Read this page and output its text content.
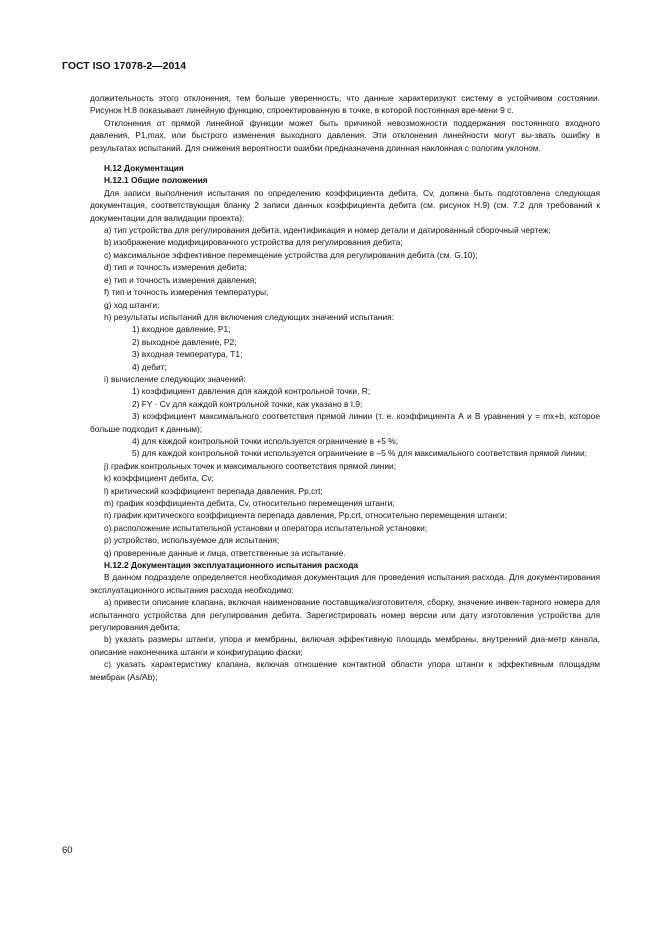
ГОСТ ISO 17078-2—2014

должительность этого отклонения, тем больше уверенность, что данные характеризуют систему в устойчивом состоянии. Рисунок Н.8 показывает линейную функцию, спроектированную в точке, в которой постоянная вре-мени 9 с.

Отклонения от прямой линейной функции может быть причиной невозможности поддержания постоянного входного давления, P1,max, или быстрого изменения выходного давления. Эти отклонения линейности могут вы-звать ошибку в результатах испытаний. Для снижения вероятности ошибки предназначена длинная наклонная с пологим уклоном.

Н.12 Документация

Н.12.1 Общие положения

Для записи выполнения испытания по определению коэффициента дебита, Cv, должна быть подготовлена следующая документация, соответствующая бланку 2 записи данных коэффициента дебита (см. рисунок Н.9) (см. 7.2 для требований к документации для валидации проекта):

а) тип устройства для регулирования дебита, идентификация и номер детали и датированный сборочный чертеж;

b) изображение модифицированного устройства для регулирования дебита;

c) максимальное эффективное перемещение устройства для регулирования дебита (см. G.10);

d) тип и точность измерения дебита;

е) тип и точность измерения давления;

f) тип и точность измерения температуры;

g) ход штанги;

h) результаты испытаний для включения следующих значений испытания:

1) входное давление, P1;

2) выходное давление, P2;

3) входная температура, T1;

4) дебит;

i) вычисление следующих значений:

1) коэффициент давления для каждой контрольной точки, R;

2) FY · Cv для каждой контрольной точки, как указано в I.9;

3) коэффициент максимального соответствия прямой линии (т. е. коэффициента А и В уравнения y = mx+b, которое больше подходит к данным);

4) для каждой контрольной точки используется ограничение в +5 %;

5) для каждой контрольной точки используется ограничение в –5 % для максимального соответствия прямой линии;

j) график контрольных точек и максимального соответствия прямой линии;

k) коэффициент дебита, Cv;

l) критический коэффициент перепада давления, Pp,crt;

m) график коэффициента дебита, Cv, относительно перемещения штанги;

n) график критического коэффициента перепада давления, Pp,crt, относительно перемещения штанги;

о) расположение испытательной установки и оператора испытательной установки;

р) устройство, используемое для испытания;

q) проверенные данные и лица, ответственные за испытание.

Н.12.2 Документация эксплуатационного испытания расхода

В данном подразделе определяется необходимая документация для проведения испытания расхода. Для документирования эксплуатационного испытания расхода необходимо:

а) привести описание клапана, включая наименование поставщика/изготовителя, сборку, значение инвен-тарного номера для испытанного устройства для регулирования дебита. Зарегистрировать номер версии или дату изготовления устройства для регулирования дебита;

b) указать размеры штанги, упора и мембраны, включая эффективную площадь мембраны, внутренний диа-метр канала, описание наконечника штанги и конфигурацию фаски;

с) указать характеристику клапана, включая отношение контактной области упора штанги к эффективным площадям мембран (As/Ab);

60
